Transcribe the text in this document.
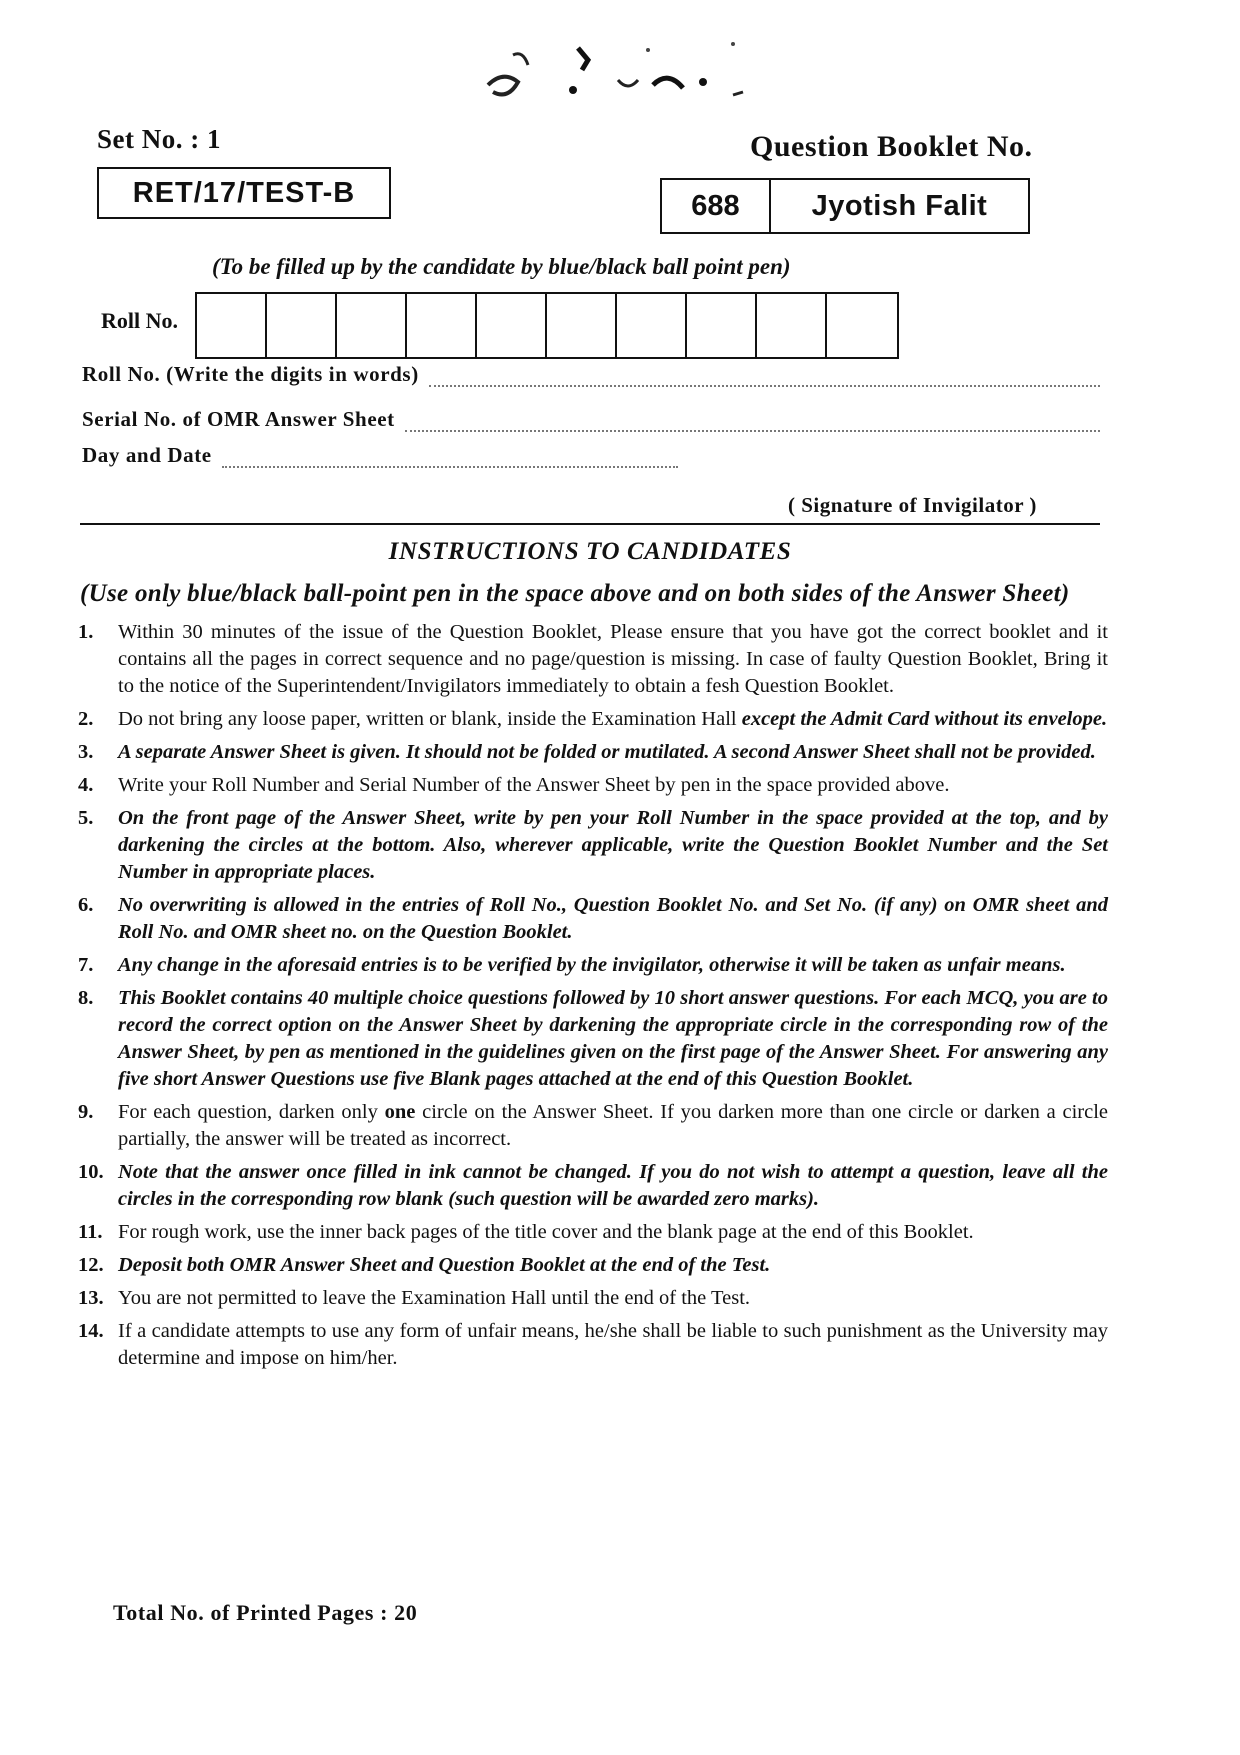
Set No. : 1
RET/17/TEST-B
Question Booklet No.
688	Jyotish Falit
(To be filled up by the candidate by blue/black ball point pen)
Roll No.
Roll No. (Write the digits in words)
Serial No. of OMR Answer Sheet
Day and Date
( Signature of Invigilator )
INSTRUCTIONS TO CANDIDATES
(Use only blue/black ball-point pen in the space above and on both sides of the Answer Sheet)
1.	Within 30 minutes of the issue of the Question Booklet, Please ensure that you have got the correct booklet and it contains all the pages in correct sequence and no page/question is missing. In case of faulty Question Booklet, Bring it to the notice of the Superintendent/Invigilators immediately to obtain a fesh Question Booklet.
2.	Do not bring any loose paper, written or blank, inside the Examination Hall except the Admit Card without its envelope.
3.	A separate Answer Sheet is given. It should not be folded or mutilated. A second Answer Sheet shall not be provided.
4.	Write your Roll Number and Serial Number of the Answer Sheet by pen in the space provided above.
5.	On the front page of the Answer Sheet, write by pen your Roll Number in the space provided at the top, and by darkening the circles at the bottom. Also, wherever applicable, write the Question Booklet Number and the Set Number in appropriate places.
6.	No overwriting is allowed in the entries of Roll No., Question Booklet No. and Set No. (if any) on OMR sheet and Roll No. and OMR sheet no. on the Question Booklet.
7.	Any change in the aforesaid entries is to be verified by the invigilator, otherwise it will be taken as unfair means.
8.	This Booklet contains 40 multiple choice questions followed by 10 short answer questions. For each MCQ, you are to record the correct option on the Answer Sheet by darkening the appropriate circle in the corresponding row of the Answer Sheet, by pen as mentioned in the guidelines given on the first page of the Answer Sheet. For answering any five short Answer Questions use five Blank pages attached at the end of this Question Booklet.
9.	For each question, darken only one circle on the Answer Sheet. If you darken more than one circle or darken a circle partially, the answer will be treated as incorrect.
10. Note that the answer once filled in ink cannot be changed. If you do not wish to attempt a question, leave all the circles in the corresponding row blank (such question will be awarded zero marks).
11. For rough work, use the inner back pages of the title cover and the blank page at the end of this Booklet.
12. Deposit both OMR Answer Sheet and Question Booklet at the end of the Test.
13. You are not permitted to leave the Examination Hall until the end of the Test.
14. If a candidate attempts to use any form of unfair means, he/she shall be liable to such punishment as the University may determine and impose on him/her.
Total No. of Printed Pages : 20
